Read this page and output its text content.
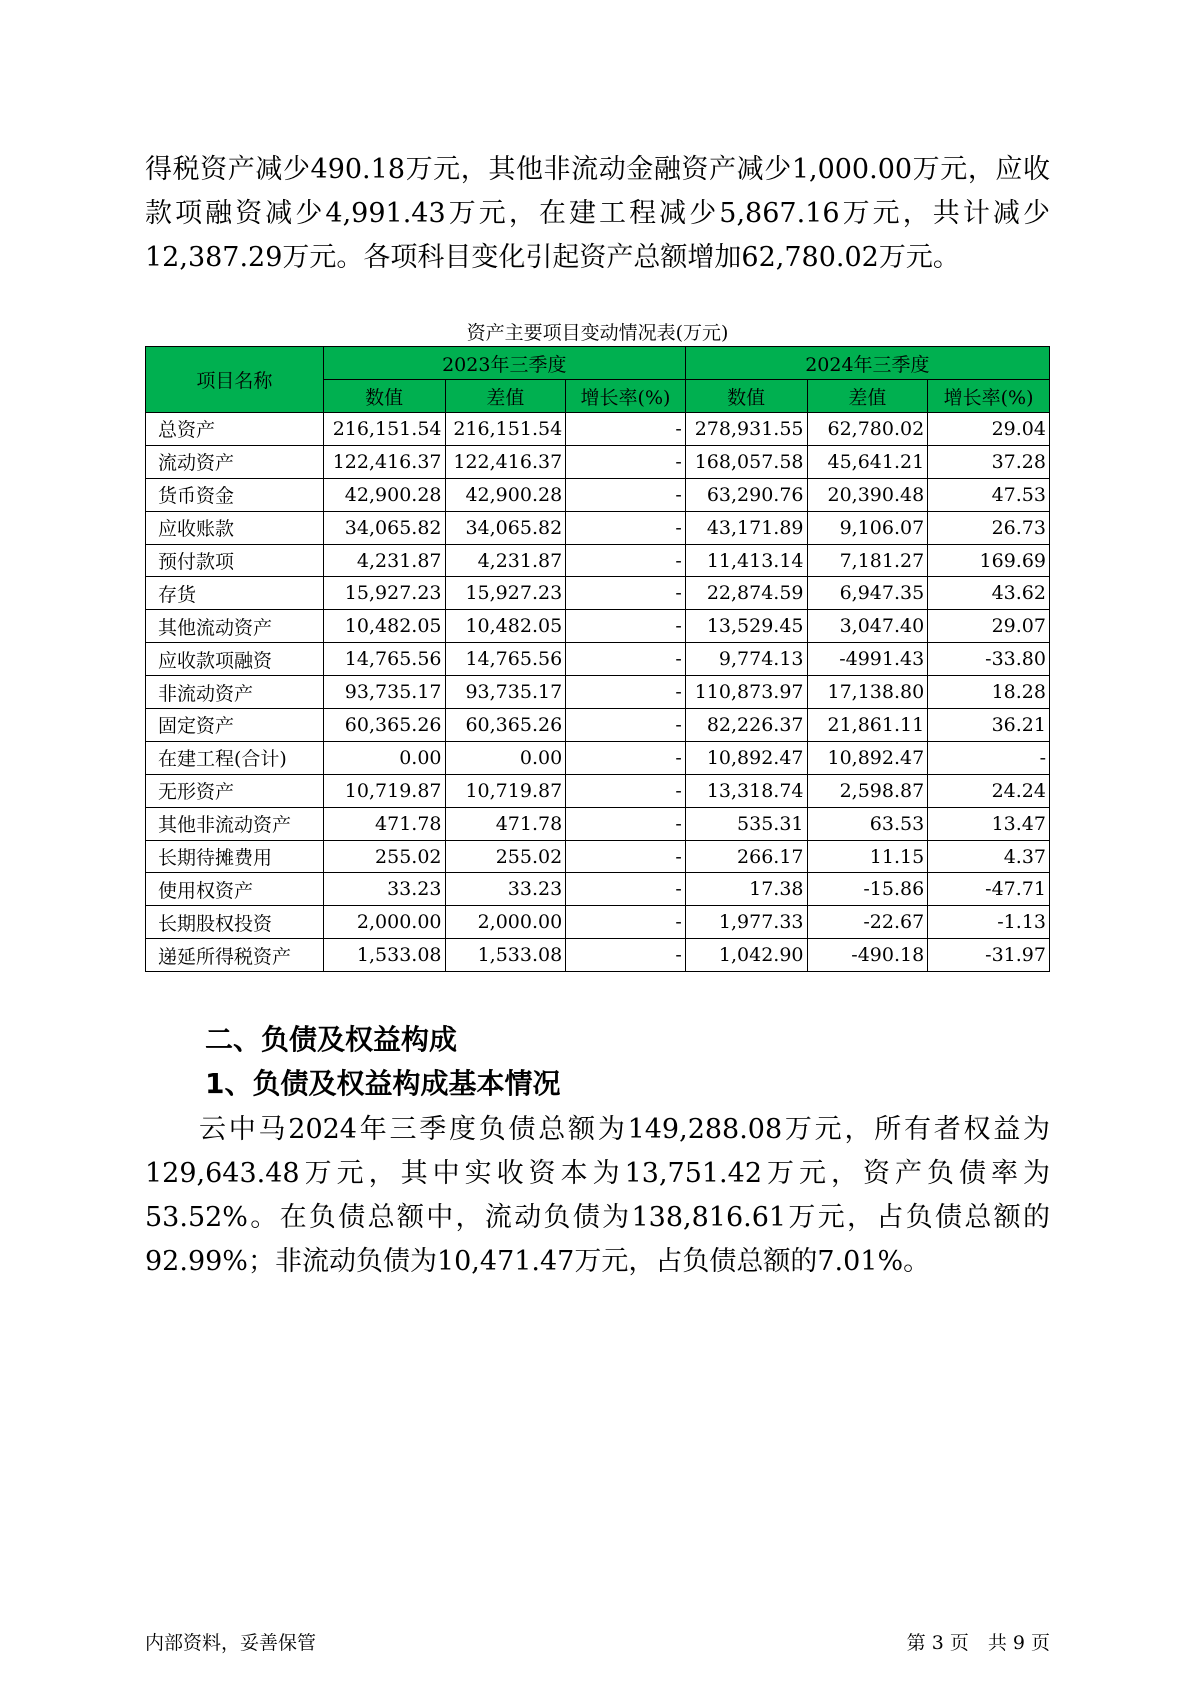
得税资产减少490.18万元，其他非流动金融资产减少1,000.00万元，应收款项融资减少4,991.43万元，在建工程减少5,867.16万元，共计减少12,387.29万元。各项科目变化引起资产总额增加62,780.02万元。

资产主要项目变动情况表(万元)
项目名称	2023年三季度			2024年三季度		
	数值	差值	增长率(%)	数值	差值	增长率(%)
总资产	216,151.54	216,151.54	-	278,931.55	62,780.02	29.04
流动资产	122,416.37	122,416.37	-	168,057.58	45,641.21	37.28
货币资金	42,900.28	42,900.28	-	63,290.76	20,390.48	47.53
应收账款	34,065.82	34,065.82	-	43,171.89	9,106.07	26.73
预付款项	4,231.87	4,231.87	-	11,413.14	7,181.27	169.69
存货	15,927.23	15,927.23	-	22,874.59	6,947.35	43.62
其他流动资产	10,482.05	10,482.05	-	13,529.45	3,047.40	29.07
应收款项融资	14,765.56	14,765.56	-	9,774.13	-4991.43	-33.80
非流动资产	93,735.17	93,735.17	-	110,873.97	17,138.80	18.28
固定资产	60,365.26	60,365.26	-	82,226.37	21,861.11	36.21
在建工程(合计)	0.00	0.00	-	10,892.47	10,892.47	-
无形资产	10,719.87	10,719.87	-	13,318.74	2,598.87	24.24
其他非流动资产	471.78	471.78	-	535.31	63.53	13.47
长期待摊费用	255.02	255.02	-	266.17	11.15	4.37
使用权资产	33.23	33.23	-	17.38	-15.86	-47.71
长期股权投资	2,000.00	2,000.00	-	1,977.33	-22.67	-1.13
递延所得税资产	1,533.08	1,533.08	-	1,042.90	-490.18	-31.97
二、负债及权益构成
1、负债及权益构成基本情况

云中马2024年三季度负债总额为149,288.08万元，所有者权益为129,643.48万元，其中实收资本为13,751.42万元，资产负债率为53.52%。在负债总额中，流动负债为138,816.61万元，占负债总额的92.99%；非流动负债为10,471.47万元，占负债总额的7.01%。

内部资料，妥善保管	第 3 页　共 9 页
